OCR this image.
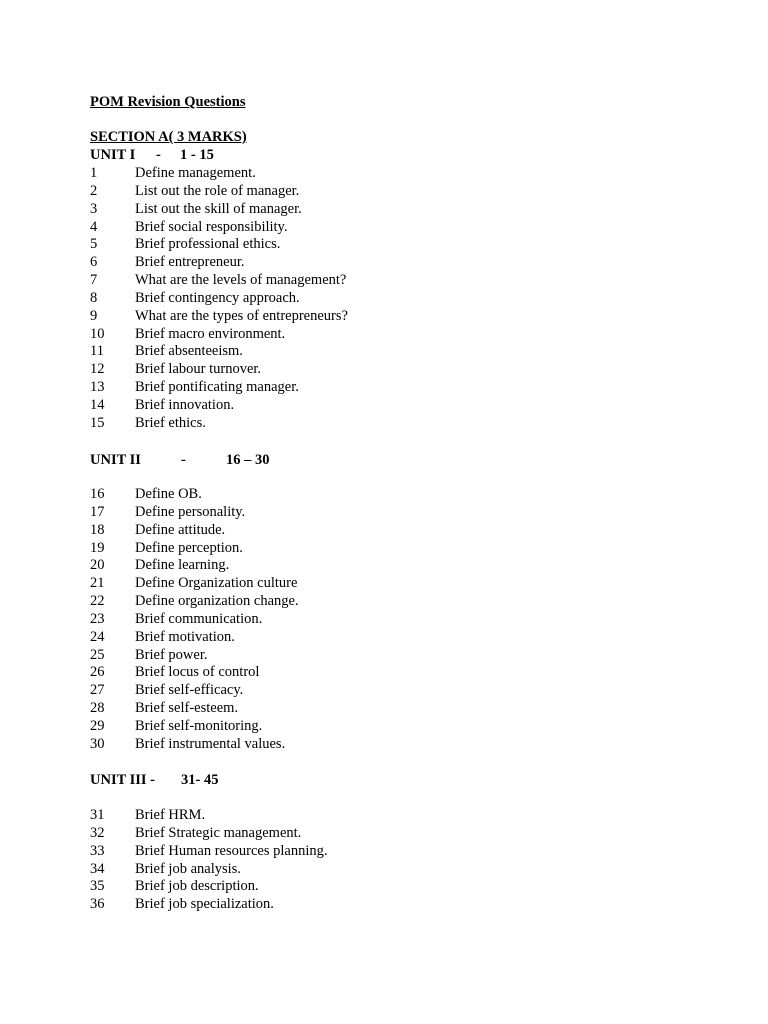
POM Revision Questions
SECTION A( 3 MARKS)
UNIT I - 1 - 15
1	Define management.
2	List out the role of manager.
3	List out the skill of manager.
4	Brief social responsibility.
5	Brief professional ethics.
6	Brief entrepreneur.
7	What are the levels of management?
8	Brief contingency approach.
9	What are the types of entrepreneurs?
10 Brief macro environment.
11 Brief absenteeism.
12 Brief labour turnover.
13 Brief pontificating manager.
14 Brief innovation.
15 Brief ethics.
UNIT II	-	16 – 30
16 Define OB.
17 Define personality.
18 Define attitude.
19 Define perception.
20 Define learning.
21 Define Organization culture
22 Define organization change.
23 Brief communication.
24 Brief motivation.
25 Brief power.
26 Brief locus of control
27 Brief self-efficacy.
28 Brief self-esteem.
29 Brief self-monitoring.
30 Brief instrumental values.
UNIT III - 31- 45
31 Brief HRM.
32 Brief Strategic management.
33 Brief Human resources planning.
34 Brief job analysis.
35 Brief job description.
36 Brief job specialization.
